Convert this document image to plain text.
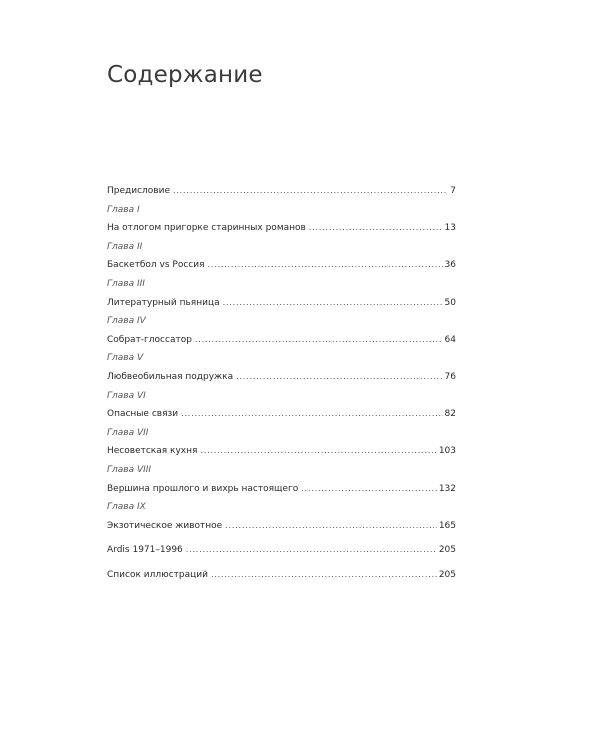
Содержание
Предисловие .....	7
Глава I
На отлогом пригорке старинных романов .....	13
Глава II
Баскетбол vs Россия .....	36
Глава III
Литературный пьяница .....	50
Глава IV
Собрат-глоссатор .....	64
Глава V
Любвеобильная подружка .....	76
Глава VI
Опасные связи .....	82
Глава VII
Несоветская кухня .....	103
Глава VIII
Вершина прошлого и вихрь настоящего .....	132
Глава IX
Экзотическое животное .....	165
Ardis 1971–1996 .....	205
Список иллюстраций .....	205
